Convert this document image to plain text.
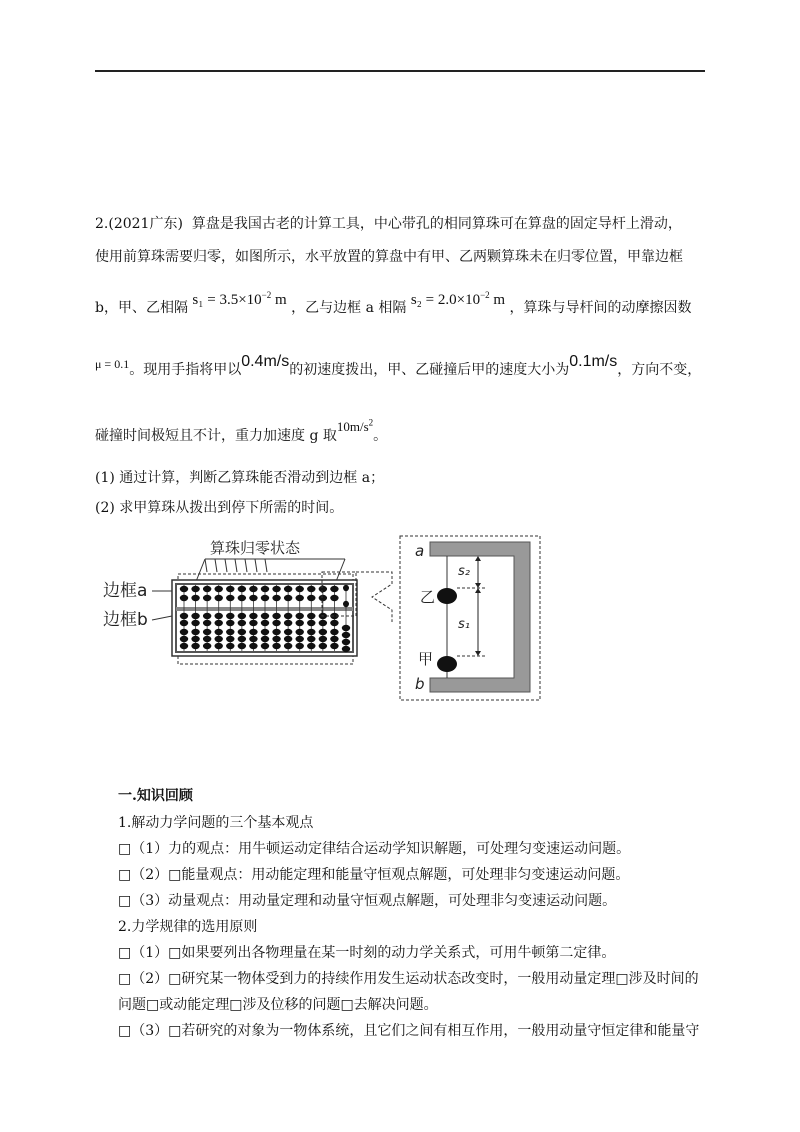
2.(2021广东) 算盘是我国古老的计算工具，中心带孔的相同算珠可在算盘的固定导杆上滑动，
使用前算珠需要归零，如图所示，水平放置的算盘中有甲、乙两颗算珠未在归零位置，甲靠边框
b，甲、乙相隔 $s_1 = 3.5\times 10^{-2}$ m ，乙与边框 a 相隔 $s_2 = 2.0\times 10^{-2}$ m ，算珠与导杆间的动摩擦因数
μ = 0.1。现用手指将甲以0.4m/s的初速度拨出，甲、乙碰撞后甲的速度大小为0.1m/s，方向不变，
碰撞时间极短且不计，重力加速度 g 取$10m/s^2$。
(1) 通过计算，判断乙算珠能否滑动到边框 a；
(2) 求甲算珠从拨出到停下所需的时间。
算珠归零状态
边框a
边框b
a
b
乙
甲
s₂
s₁
一.知识回顾
1.解动力学问题的三个基本观点
□（1）力的观点：用牛顿运动定律结合运动学知识解题，可处理匀变速运动问题。
□（2）□能量观点：用动能定理和能量守恒观点解题，可处理非匀变速运动问题。
□（3）动量观点：用动量定理和动量守恒观点解题，可处理非匀变速运动问题。
2.力学规律的选用原则
□（1）□如果要列出各物理量在某一时刻的动力学关系式，可用牛顿第二定律。
□（2）□研究某一物体受到力的持续作用发生运动状态改变时，一般用动量定理□涉及时间的
问题□或动能定理□涉及位移的问题□去解决问题。
□（3）□若研究的对象为一物体系统，且它们之间有相互作用，一般用动量守恒定律和能量守
